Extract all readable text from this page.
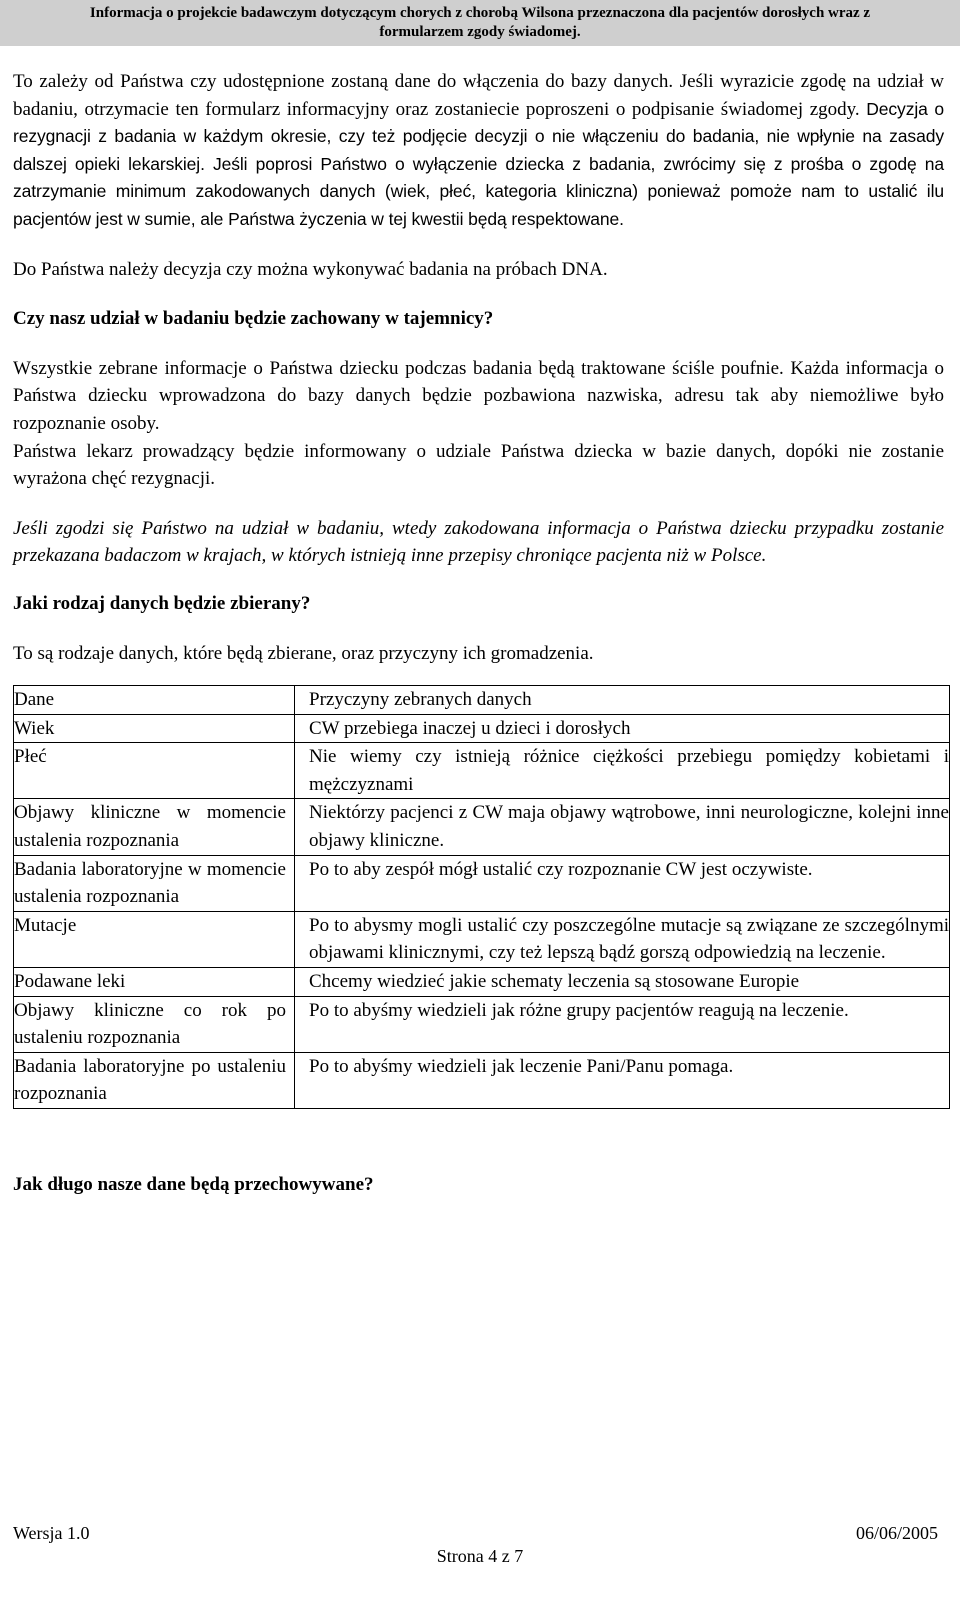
Informacja o projekcie badawczym dotyczącym chorych z chorobą Wilsona przeznaczona dla pacjentów dorosłych wraz z
formularzem zgody świadomej.

To zależy od Państwa czy udostępnione zostaną dane do włączenia do bazy danych. Jeśli wyrazicie zgodę na udział w badaniu, otrzymacie ten formularz informacyjny oraz zostaniecie poproszeni o podpisanie świadomej zgody. Decyzja o rezygnacji z badania w każdym okresie, czy też podjęcie decyzji o nie włączeniu do badania, nie wpłynie na zasady dalszej opieki lekarskiej. Jeśli poprosi Państwo o wyłączenie dziecka z badania, zwrócimy się z prośba o zgodę na zatrzymanie minimum zakodowanych danych (wiek, płeć, kategoria kliniczna) ponieważ pomoże nam to ustalić ilu pacjentów jest w sumie, ale Państwa życzenia w tej kwestii będą respektowane.

Do Państwa należy decyzja czy można wykonywać badania na próbach DNA.

Czy nasz udział w badaniu będzie zachowany w tajemnicy?

Wszystkie zebrane informacje o Państwa dziecku podczas badania będą traktowane ściśle poufnie. Każda informacja o Państwa dziecku wprowadzona do bazy danych będzie pozbawiona nazwiska, adresu tak aby niemożliwe było rozpoznanie osoby.

Państwa lekarz prowadzący będzie informowany o udziale Państwa dziecka w bazie danych, dopóki nie zostanie wyrażona chęć rezygnacji.

Jeśli zgodzi się Państwo na udział w badaniu, wtedy zakodowana informacja o Państwa dziecku przypadku zostanie przekazana badaczom w krajach, w których istnieją inne przepisy chroniące pacjenta niż w Polsce.

Jaki rodzaj danych będzie zbierany?

To są rodzaje danych, które będą zbierane, oraz przyczyny ich gromadzenia.

Dane	Przyczyny zebranych danych
Wiek	CW przebiega inaczej u dzieci i dorosłych
Płeć	Nie wiemy czy istnieją różnice ciężkości przebiegu pomiędzy kobietami i mężczyznami
Objawy kliniczne w momencie ustalenia rozpoznania	Niektórzy pacjenci z CW maja objawy wątrobowe, inni neurologiczne, kolejni inne objawy kliniczne.
Badania laboratoryjne w momencie ustalenia rozpoznania	Po to aby zespół mógł ustalić czy rozpoznanie CW jest oczywiste.
Mutacje	Po to abysmy mogli ustalić czy poszczególne mutacje są związane ze szczególnymi objawami klinicznymi, czy też lepszą bądź gorszą odpowiedzią na leczenie.
Podawane leki	Chcemy wiedzieć jakie schematy leczenia są stosowane Europie
Objawy kliniczne co rok po ustaleniu rozpoznania	Po to abyśmy wiedzieli jak różne grupy pacjentów reagują na leczenie.
Badania laboratoryjne po ustaleniu rozpoznania	Po to abyśmy wiedzieli jak leczenie Pani/Panu pomaga.
Jak długo nasze dane będą przechowywane?
Wersja 1.0	06/06/2005
Strona 4 z 7
